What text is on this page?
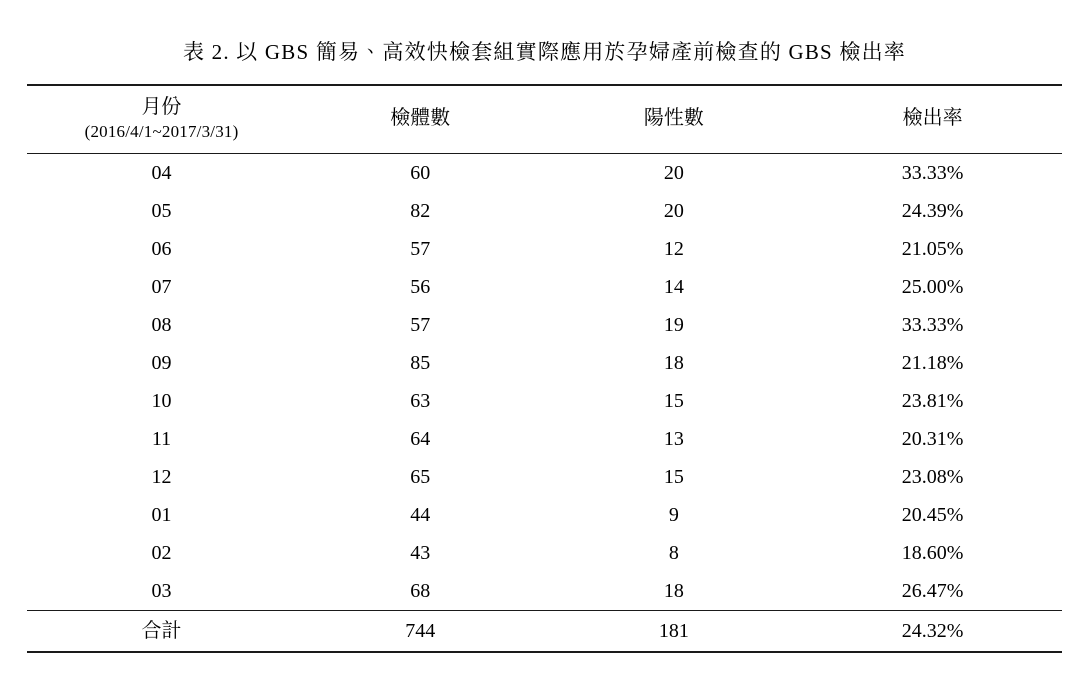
表 2. 以 GBS 簡易、高效快檢套組實際應用於孕婦產前檢查的 GBS 檢出率
月份
(2016/4/1~2017/3/31)	檢體數	陽性數	檢出率
04	60	20	33.33%
05	82	20	24.39%
06	57	12	21.05%
07	56	14	25.00%
08	57	19	33.33%
09	85	18	21.18%
10	63	15	23.81%
11	64	13	20.31%
12	65	15	23.08%
01	44	9	20.45%
02	43	8	18.60%
03	68	18	26.47%
合計	744	181	24.32%
